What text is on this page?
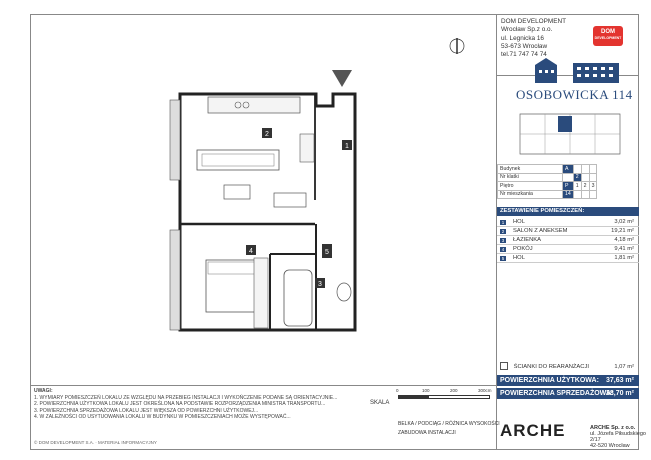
1
2
3
4	5
DOM DEVELOPMENT
Wrocław Sp.z o.o.
ul. Legnicka 16
53-673 Wrocław
tel.71 747 74 74
DOM
DEVELOPMENT
OSOBOWICKA 114
Budynek	A			
Nr klatki		2		
Piętro	P	1	2	3
Nr mieszkania	14			
ZESTAWIENIE POMIESZCZEŃ:
1	HOL	3,02 m²
2	SALON Z ANEKSEM	19,21 m²
3	ŁAZIENKA	4,18 m²
4	POKÓJ	9,41 m²
5	HOL	1,81 m²
ŚCIANKI DO REARANŻACJI	1,07 m²
POWIERZCHNIA UŻYTKOWA: 37,63 m²
POWIERZCHNIA SPRZEDAŻOWA:
38,70 m²
UWAGI:
1. WYMIARY POMIESZCZEŃ LOKALU ZE WZGLĘDU NA PRZEBIEG INSTALACJI I WYKOŃCZENIE PODANE SĄ ORIENTACYJNIE...
2. POWIERZCHNIA UŻYTKOWA LOKALU JEST OKREŚLONA NA PODSTAWIE ROZPORZĄDZENIA MINISTRA TRANSPORTU...
3. POWIERZCHNIA SPRZEDAŻOWA LOKALU JEST WIĘKSZA OD POWIERZCHNI UŻYTKOWEJ...
4. W ZALEŻNOŚCI OD USYTUOWANIA LOKALU W BUDYNKU W POMIESZCZENIACH MOŻE WYSTĘPOWAĆ...
SKALA
0	100	200	300cm
BELKA / PODCIĄG / RÓŻNICA WYSOKOŚCI
ZABUDOWA INSTALACJI	ARCHE	ARCHE Sp. z o.o.
ul. Józefa Piłsudskiego 2/17
42-520 Wrocław
© DOM DEVELOPMENT S.A. · MATERIAŁ INFORMACYJNY
